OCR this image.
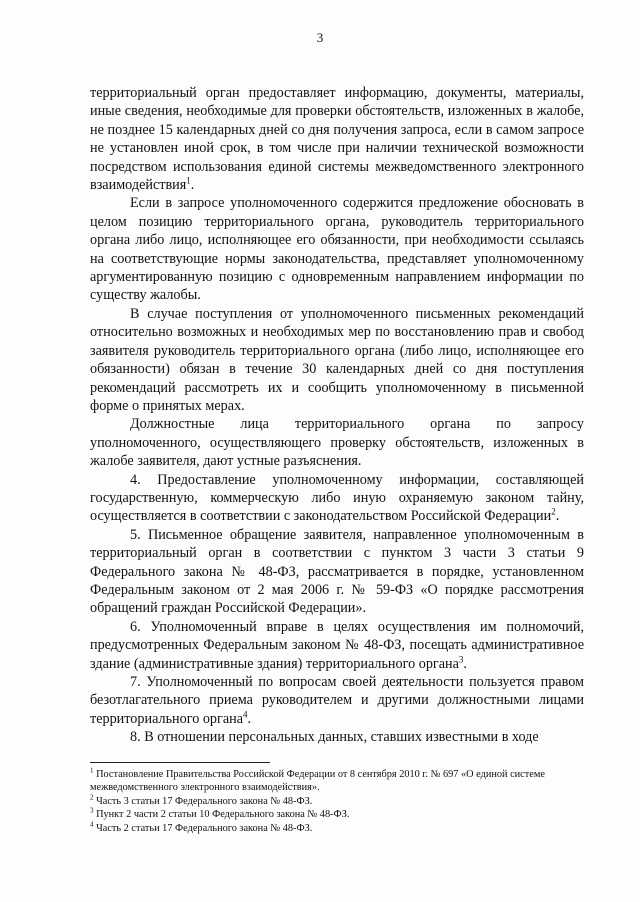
3

территориальный орган предоставляет информацию, документы, материалы, иные сведения, необходимые для проверки обстоятельств, изложенных в жалобе, не позднее 15 календарных дней со дня получения запроса, если в самом запросе не установлен иной срок, в том числе при наличии технической возможности посредством использования единой системы межведомственного электронного взаимодействия$^1$.

Если в запросе уполномоченного содержится предложение обосновать в целом позицию территориального органа, руководитель территориального органа либо лицо, исполняющее его обязанности, при необходимости ссылаясь на соответствующие нормы законодательства, представляет уполномоченному аргументированную позицию с одновременным направлением информации по существу жалобы.

В случае поступления от уполномоченного письменных рекомендаций относительно возможных и необходимых мер по восстановлению прав и свобод заявителя руководитель территориального органа (либо лицо, исполняющее его обязанности) обязан в течение 30 календарных дней со дня поступления рекомендаций рассмотреть их и сообщить уполномоченному в письменной форме о принятых мерах.

Должностные лица территориального органа по запросу уполномоченного, осуществляющего проверку обстоятельств, изложенных в жалобе заявителя, дают устные разъяснения.

4. Предоставление уполномоченному информации, составляющей государственную, коммерческую либо иную охраняемую законом тайну, осуществляется в соответствии с законодательством Российской Федерации$^2$.

5. Письменное обращение заявителя, направленное уполномоченным в территориальный орган в соответствии с пунктом 3 части 3 статьи 9 Федерального закона № 48-ФЗ, рассматривается в порядке, установленном Федеральным законом от 2 мая 2006 г. № 59-ФЗ «О порядке рассмотрения обращений граждан Российской Федерации».

6. Уполномоченный вправе в целях осуществления им полномочий, предусмотренных Федеральным законом № 48-ФЗ, посещать административное здание (административные здания) территориального органа$^3$.

7. Уполномоченный по вопросам своей деятельности пользуется правом безотлагательного приема руководителем и другими должностными лицами территориального органа$^4$.

8. В отношении персональных данных, ставших известными в ходе

$^1$ Постановление Правительства Российской Федерации от 8 сентября 2010 г. № 697 «О единой системе межведомственного электронного взаимодействия».

$^2$ Часть 3 статьи 17 Федерального закона № 48-ФЗ.

$^3$ Пункт 2 части 2 статьи 10 Федерального закона № 48-ФЗ.

$^4$ Часть 2 статьи 17 Федерального закона № 48-ФЗ.
